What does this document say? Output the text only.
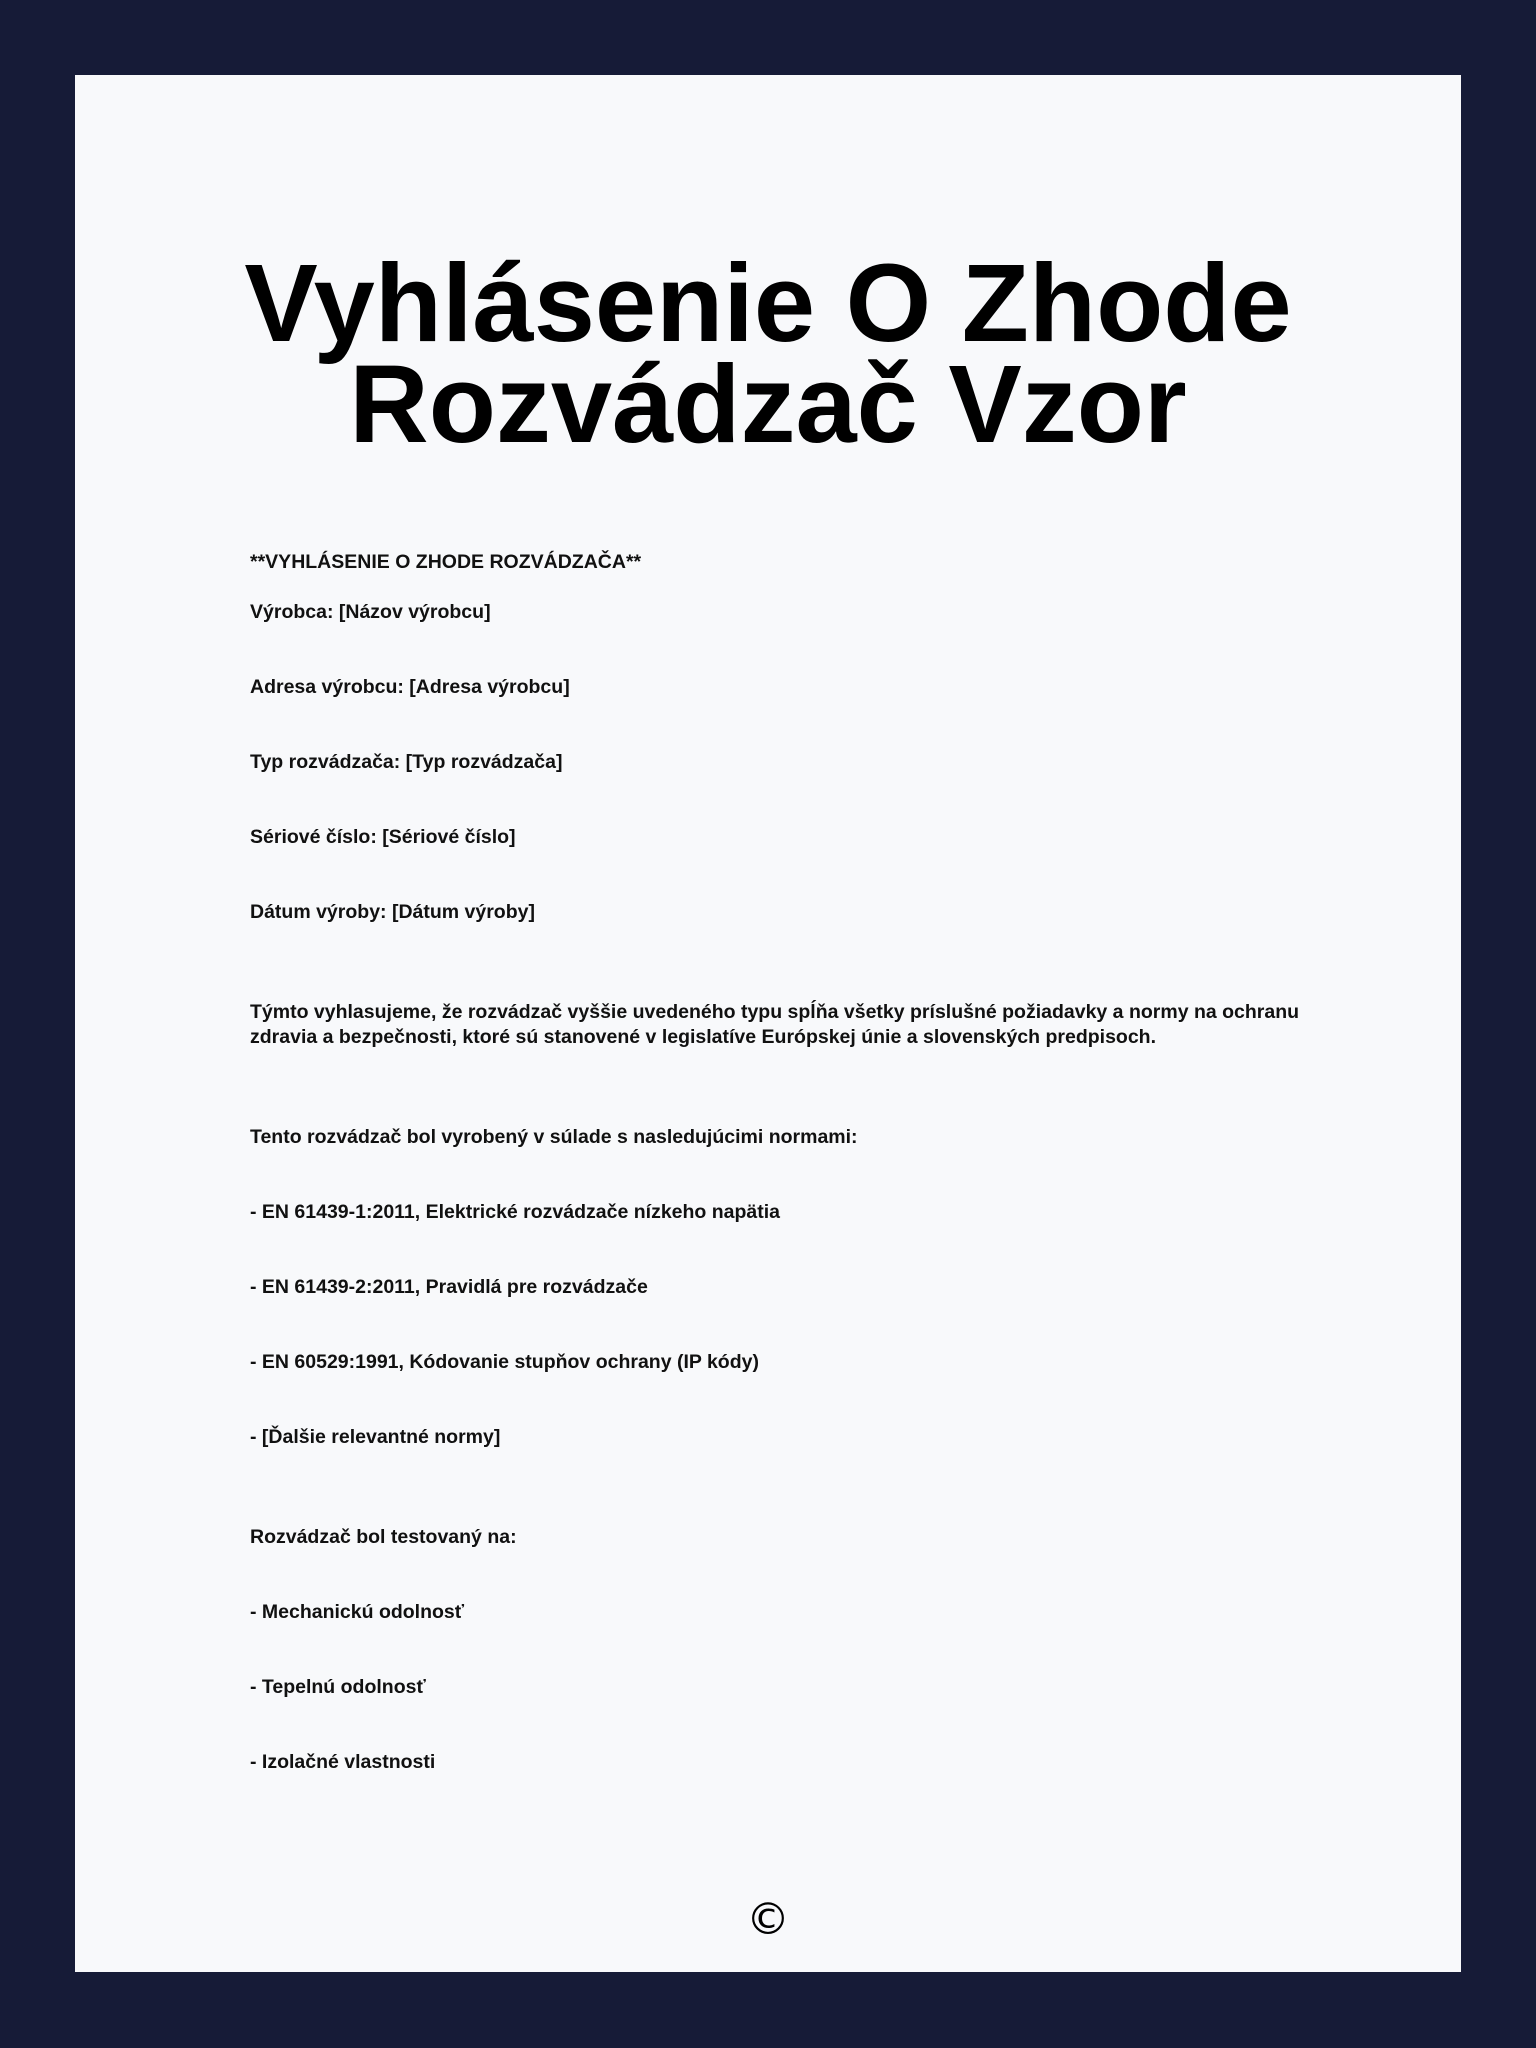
Vyhlásenie O Zhode
Rozvádzač Vzor

**VYHLÁSENIE O ZHODE ROZVÁDZAČA**

Výrobca: [Názov výrobcu]

Adresa výrobcu: [Adresa výrobcu]

Typ rozvádzača: [Typ rozvádzača]

Sériové číslo: [Sériové číslo]

Dátum výroby: [Dátum výroby]

Týmto vyhlasujeme, že rozvádzač vyššie uvedeného typu spĺňa všetky príslušné požiadavky a normy na ochranu zdravia a bezpečnosti, ktoré sú stanovené v legislatíve Európskej únie a slovenských predpisoch.

Tento rozvádzač bol vyrobený v súlade s nasledujúcimi normami:

- EN 61439-1:2011, Elektrické rozvádzače nízkeho napätia

- EN 61439-2:2011, Pravidlá pre rozvádzače

- EN 60529:1991, Kódovanie stupňov ochrany (IP kódy)

- [Ďalšie relevantné normy]

Rozvádzač bol testovaný na:

- Mechanickú odolnosť

- Tepelnú odolnosť

- Izolačné vlastnosti

©
